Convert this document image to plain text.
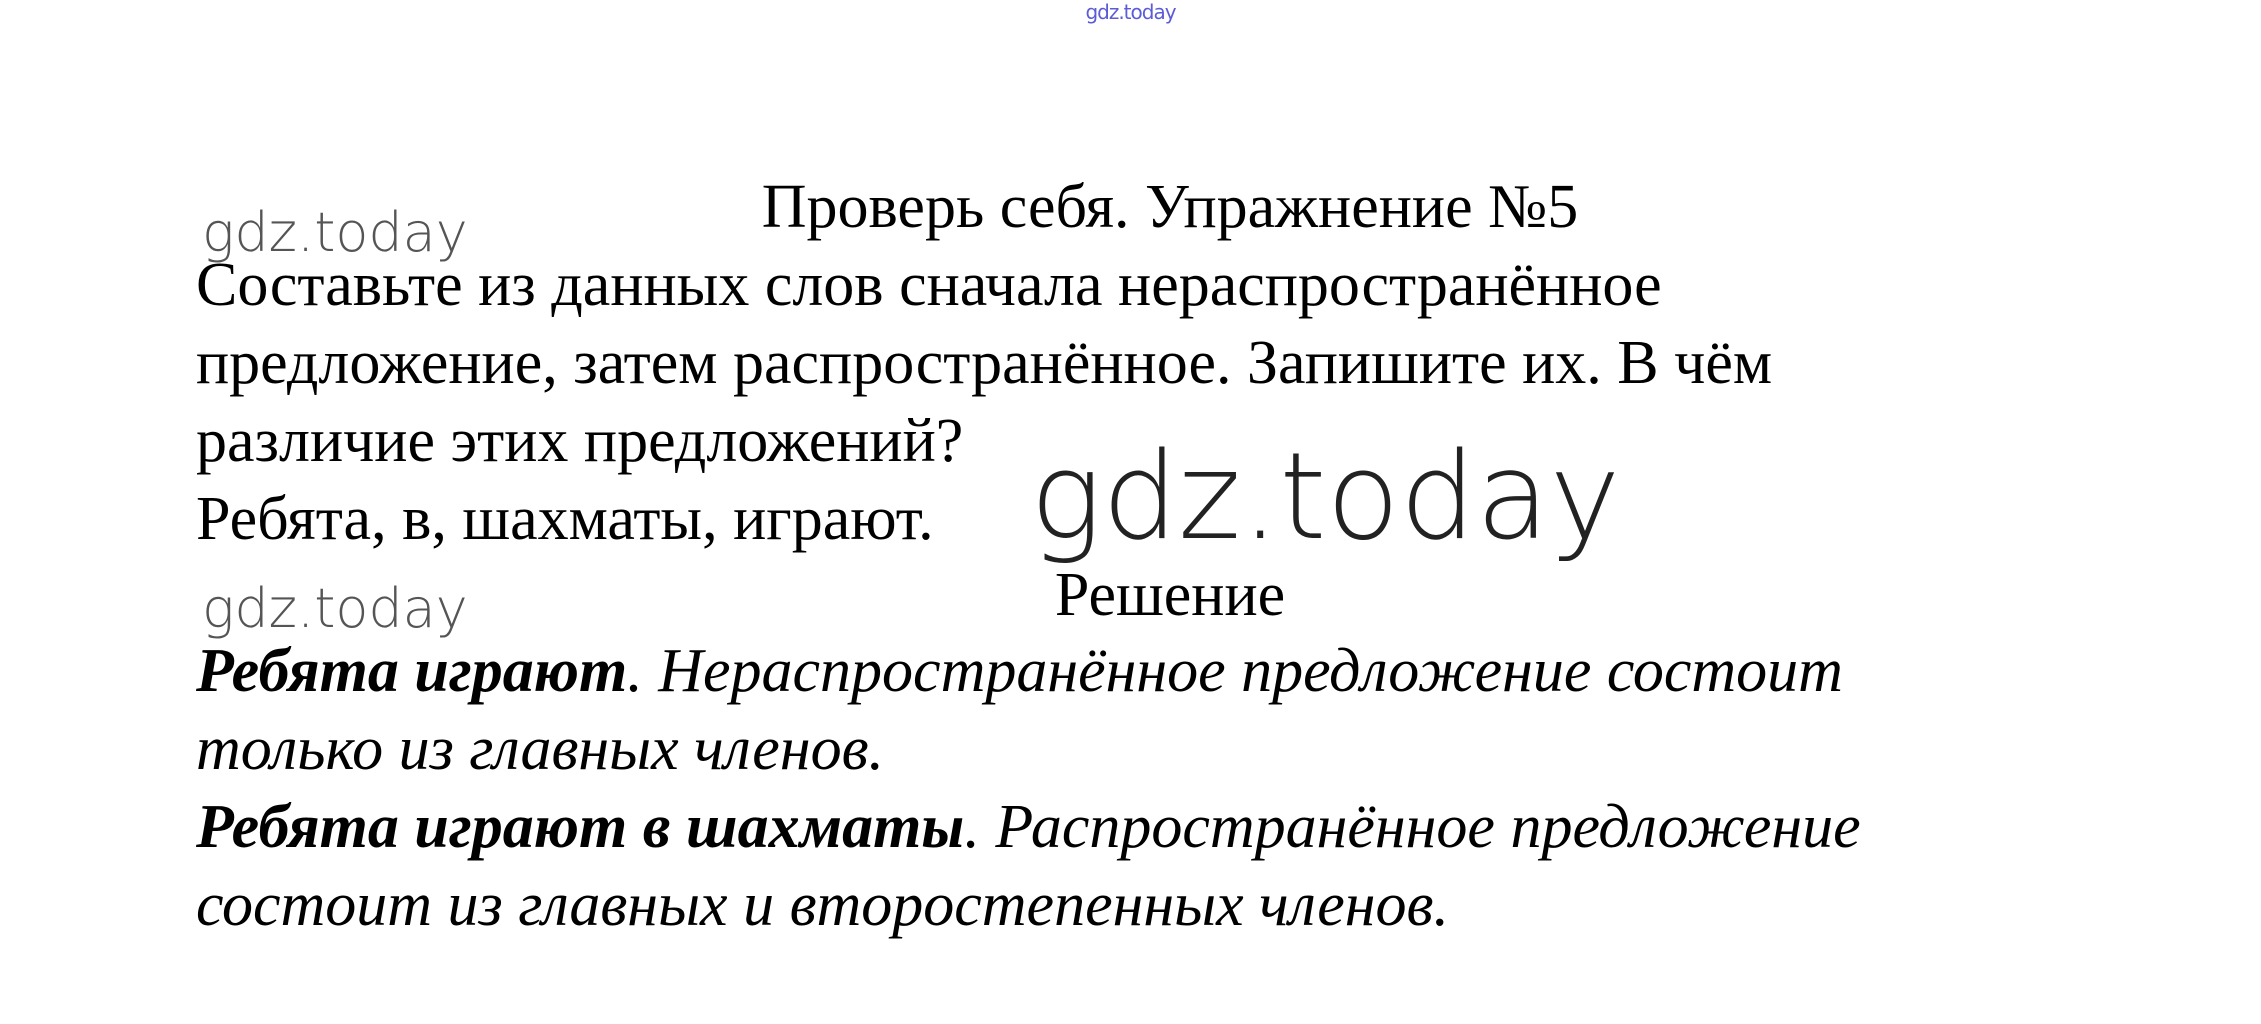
gdz.today
gdz.today
gdz.today
Проверь себя. Упражнение №5

Составьте из данных слов сначала нераспространённое

предложение, затем распространённое. Запишите их. В чём

различие этих предложений?

Ребята, в, шахматы, играют. gdz.today
Решение

Ребята играют. Нераспространённое предложение состоит

только из главных членов.

Ребята играют в шахматы. Распространённое предложение

состоит из главных и второстепенных членов.
